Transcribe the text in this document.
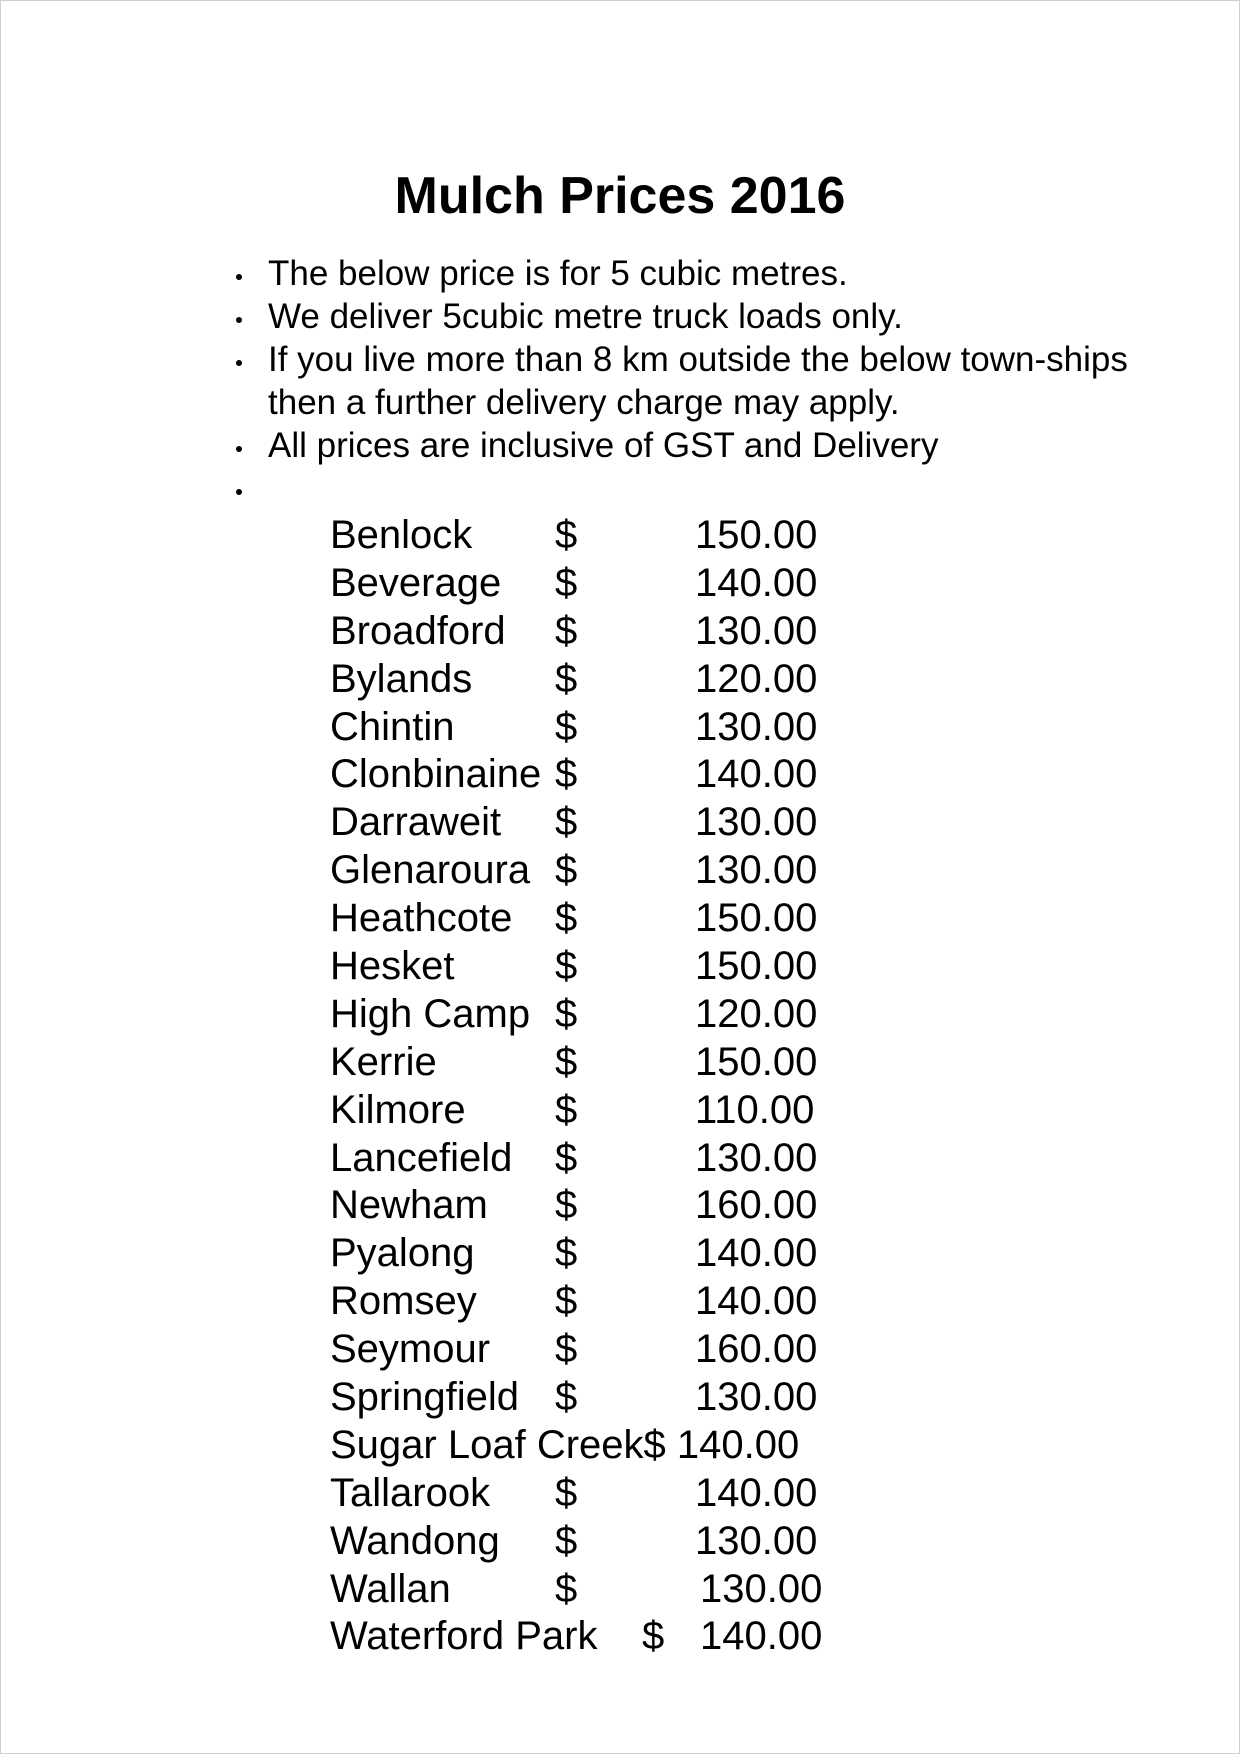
Mulch Prices 2016
The below price is for 5 cubic metres.
We deliver 5cubic metre truck loads only.
If you live more than 8 km outside the below town-ships then a further delivery charge may apply.
All prices are inclusive of GST and Delivery

Benlock $	150.00
Beverage $	140.00
Broadford $	130.00
Bylands $	120.00
Chintin	$	130.00
Clonbinaine $	140.00
Darraweit $	130.00
Glenaroura $	130.00
Heathcote $	150.00
Hesket	$	150.00
High Camp $	120.00
Kerrie	$	150.00
Kilmore $	110.00
Lancefield $	130.00
Newham $	160.00
Pyalong $	140.00
Romsey $	140.00
Seymour $	160.00
Springfield $	130.00
Sugar Loaf Creek$ 140.00
Tallarook $	140.00
Wandong $	130.00
Wallan	$	130.00
Waterford Park $ 140.00
